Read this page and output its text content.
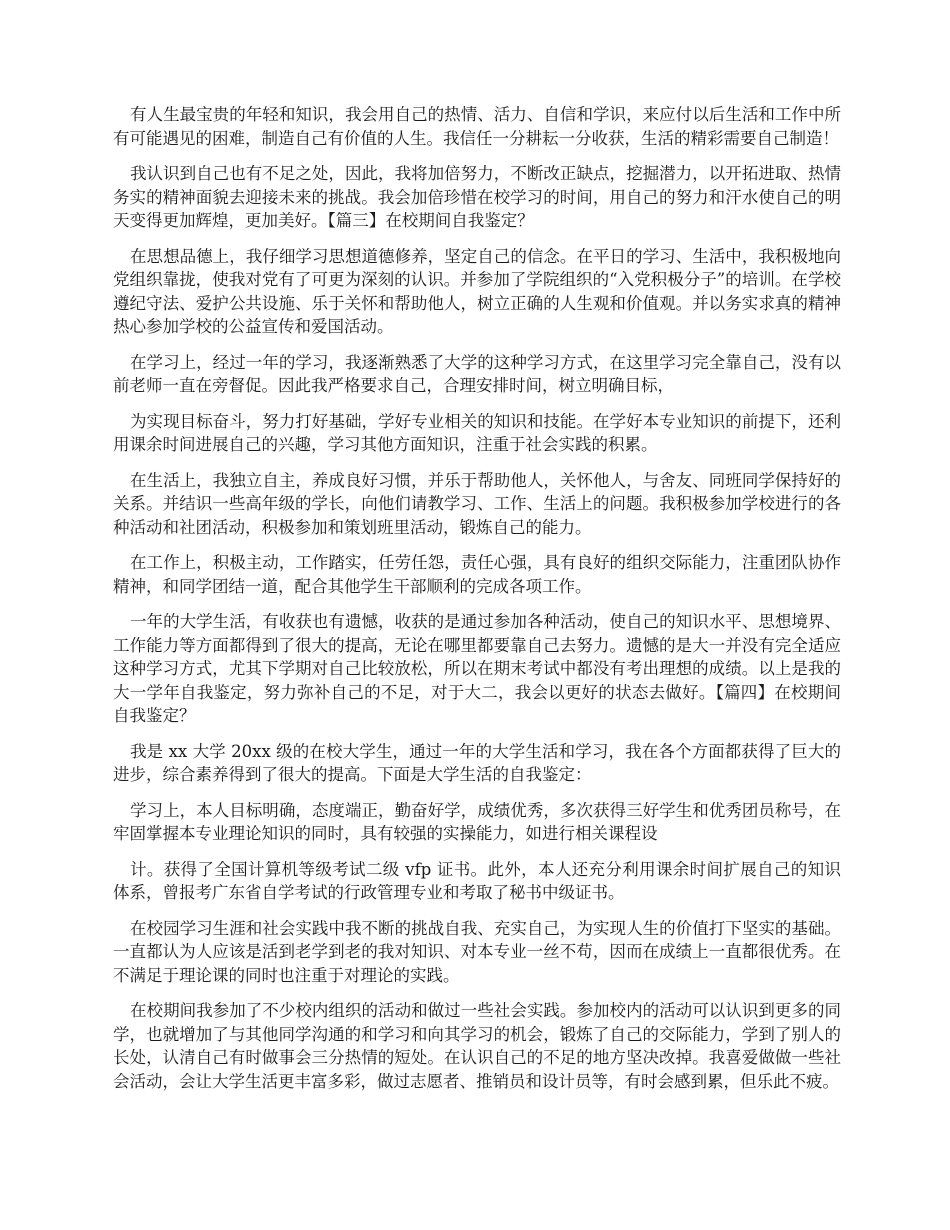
有人生最宝贵的年轻和知识，我会用自己的热情、活力、自信和学识，来应付以后生活和工作中所有可能遇见的困难，制造自己有价值的人生。我信任一分耕耘一分收获，生活的精彩需要自己制造！

我认识到自己也有不足之处，因此，我将加倍努力，不断改正缺点，挖掘潜力，以开拓进取、热情务实的精神面貌去迎接未来的挑战。我会加倍珍惜在校学习的时间，用自己的努力和汗水使自己的明天变得更加辉煌，更加美好。【篇三】在校期间自我鉴定？

在思想品德上，我仔细学习思想道德修养，坚定自己的信念。在平日的学习、生活中，我积极地向党组织靠拢，使我对党有了可更为深刻的认识。并参加了学院组织的“入党积极分子”的培训。在学校遵纪守法、爱护公共设施、乐于关怀和帮助他人，树立正确的人生观和价值观。并以务实求真的精神热心参加学校的公益宣传和爱国活动。

在学习上，经过一年的学习，我逐渐熟悉了大学的这种学习方式，在这里学习完全靠自己，没有以前老师一直在旁督促。因此我严格要求自己，合理安排时间，树立明确目标，

为实现目标奋斗，努力打好基础，学好专业相关的知识和技能。在学好本专业知识的前提下，还利用课余时间进展自己的兴趣，学习其他方面知识，注重于社会实践的积累。

在生活上，我独立自主，养成良好习惯，并乐于帮助他人，关怀他人，与舍友、同班同学保持好的关系。并结识一些高年级的学长，向他们请教学习、工作、生活上的问题。我积极参加学校进行的各种活动和社团活动，积极参加和策划班里活动，锻炼自己的能力。

在工作上，积极主动，工作踏实，任劳任怨，责任心强，具有良好的组织交际能力，注重团队协作精神，和同学团结一道，配合其他学生干部顺利的完成各项工作。

一年的大学生活，有收获也有遗憾，收获的是通过参加各种活动，使自己的知识水平、思想境界、工作能力等方面都得到了很大的提高，无论在哪里都要靠自己去努力。遗憾的是大一并没有完全适应这种学习方式，尤其下学期对自己比较放松，所以在期末考试中都没有考出理想的成绩。以上是我的大一学年自我鉴定，努力弥补自己的不足，对于大二，我会以更好的状态去做好。【篇四】在校期间自我鉴定？

我是 xx 大学 20xx 级的在校大学生，通过一年的大学生活和学习，我在各个方面都获得了巨大的进步，综合素养得到了很大的提高。下面是大学生活的自我鉴定：

学习上，本人目标明确，态度端正，勤奋好学，成绩优秀，多次获得三好学生和优秀团员称号，在牢固掌握本专业理论知识的同时，具有较强的实操能力，如进行相关课程设

计。获得了全国计算机等级考试二级 vfp 证书。此外，本人还充分利用课余时间扩展自己的知识体系，曾报考广东省自学考试的行政管理专业和考取了秘书中级证书。

在校园学习生涯和社会实践中我不断的挑战自我、充实自己，为实现人生的价值打下坚实的基础。一直都认为人应该是活到老学到老的我对知识、对本专业一丝不苟，因而在成绩上一直都很优秀。在不满足于理论课的同时也注重于对理论的实践。

在校期间我参加了不少校内组织的活动和做过一些社会实践。参加校内的活动可以认识到更多的同学，也就增加了与其他同学沟通的和学习和向其学习的机会，锻炼了自己的交际能力，学到了别人的长处，认清自己有时做事会三分热情的短处。在认识自己的不足的地方坚决改掉。我喜爱做做一些社会活动，会让大学生活更丰富多彩，做过志愿者、推销员和设计员等，有时会感到累，但乐此不疲。
